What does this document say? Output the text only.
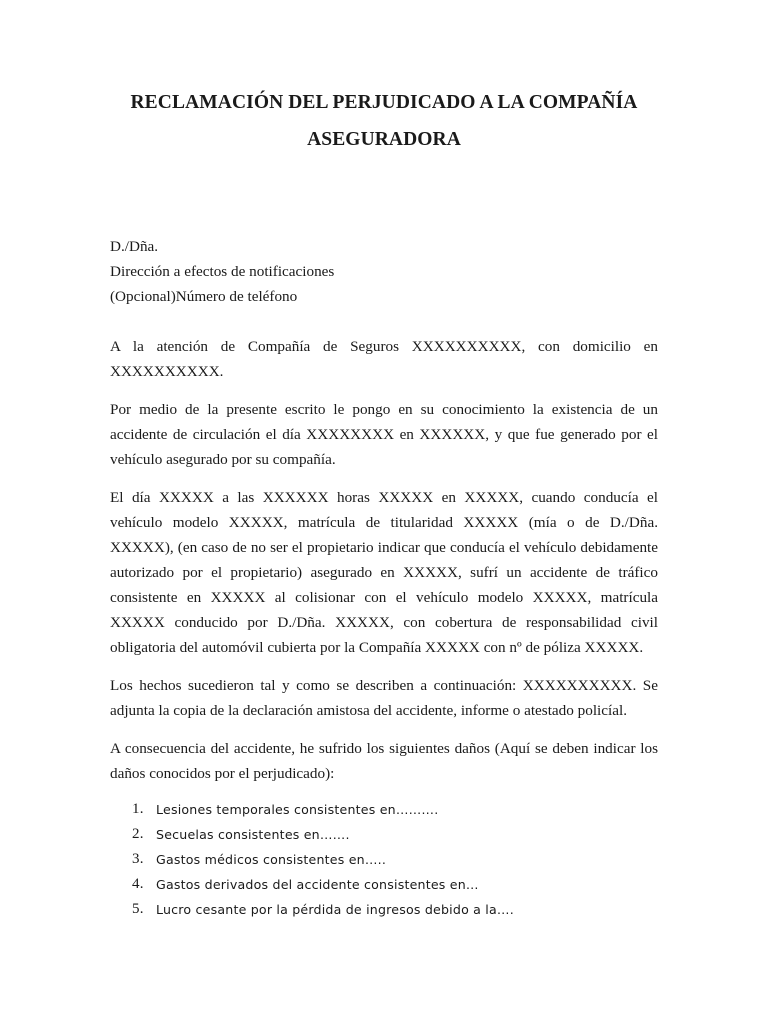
RECLAMACIÓN DEL PERJUDICADO A LA COMPAÑÍA
ASEGURADORA
D./Dña.
Dirección a efectos de notificaciones
(Opcional)Número de teléfono

A la atención de Compañía de Seguros XXXXXXXXXX, con domicilio en XXXXXXXXXX.

Por medio de la presente escrito le pongo en su conocimiento la existencia de un accidente de circulación el día XXXXXXXX en XXXXXX, y que fue generado por el vehículo asegurado por su compañía.

El día XXXXX a las XXXXXX horas XXXXX en XXXXX, cuando conducía el vehículo modelo XXXXX, matrícula de titularidad XXXXX (mía o de D./Dña. XXXXX), (en caso de no ser el propietario indicar que conducía el vehículo debidamente autorizado por el propietario) asegurado en XXXXX, sufrí un accidente de tráfico consistente en XXXXX al colisionar con el vehículo modelo XXXXX, matrícula XXXXX conducido por D./Dña. XXXXX, con cobertura de responsabilidad civil obligatoria del automóvil cubierta por la Compañía XXXXX con nº de póliza XXXXX.

Los hechos sucedieron tal y como se describen a continuación: XXXXXXXXXX. Se adjunta la copia de la declaración amistosa del accidente, informe o atestado policíal.

A consecuencia del accidente, he sufrido los siguientes daños (Aquí se deben indicar los daños conocidos por el perjudicado):

1. Lesiones temporales consistentes en……….
2. Secuelas consistentes en…….
3. Gastos médicos consistentes en…..
4. Gastos derivados del accidente consistentes en…
5. Lucro cesante por la pérdida de ingresos debido a la….
